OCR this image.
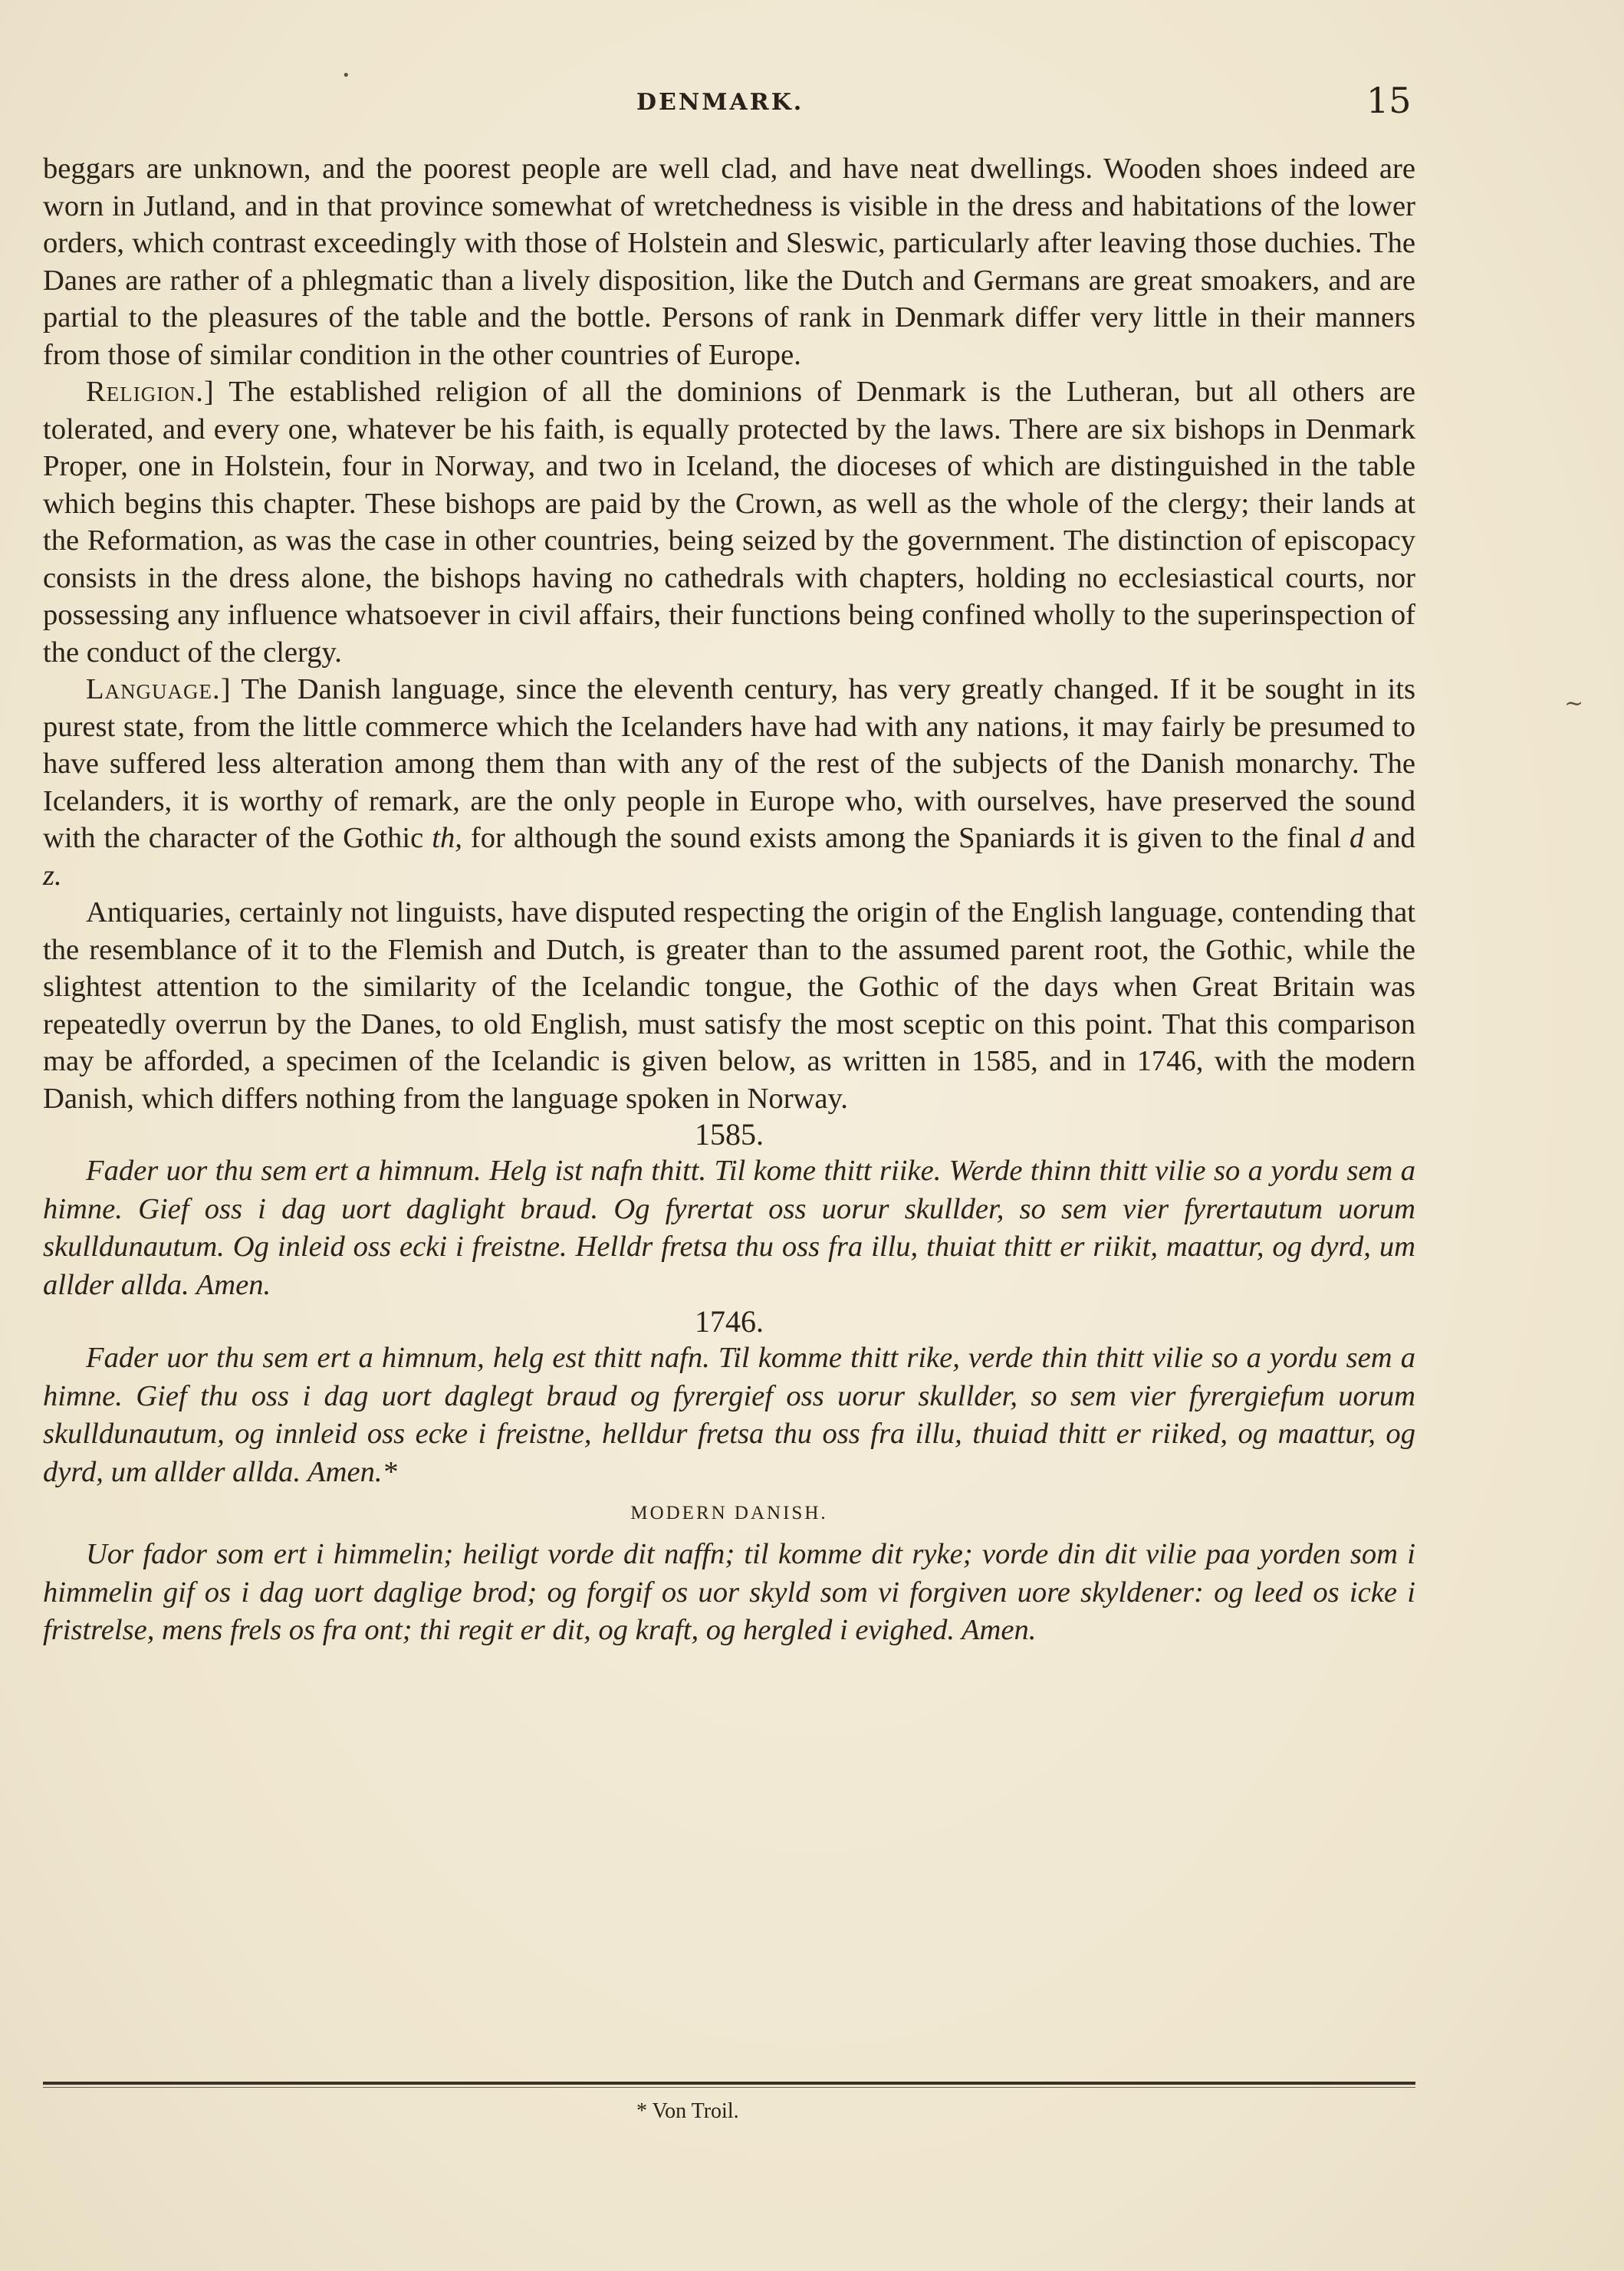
DENMARK.	15

beggars are unknown, and the poorest people are well clad, and have neat dwellings. Wooden shoes indeed are worn in Jutland, and in that province somewhat of wretchedness is visible in the dress and habitations of the lower orders, which contrast exceedingly with those of Holstein and Sleswic, particularly after leaving those duchies. The Danes are rather of a phlegmatic than a lively disposition, like the Dutch and Germans are great smoakers, and are partial to the pleasures of the table and the bottle. Persons of rank in Denmark differ very little in their manners from those of similar condition in the other countries of Europe.

Religion.] The established religion of all the dominions of Denmark is the Lutheran, but all others are tolerated, and every one, whatever be his faith, is equally protected by the laws. There are six bishops in Denmark Proper, one in Holstein, four in Norway, and two in Iceland, the dioceses of which are distinguished in the table which begins this chapter. These bishops are paid by the Crown, as well as the whole of the clergy; their lands at the Reformation, as was the case in other countries, being seized by the government. The distinction of episcopacy consists in the dress alone, the bishops having no cathedrals with chapters, holding no ecclesiastical courts, nor possessing any influence whatsoever in civil affairs, their functions being confined wholly to the superinspection of the conduct of the clergy.

Language.] The Danish language, since the eleventh century, has very greatly changed. If it be sought in its purest state, from the little commerce which the Icelanders have had with any nations, it may fairly be presumed to have suffered less alteration among them than with any of the rest of the subjects of the Danish monarchy. The Icelanders, it is worthy of remark, are the only people in Europe who, with ourselves, have preserved the sound with the character of the Gothic th, for although the sound exists among the Spaniards it is given to the final d and z.

Antiquaries, certainly not linguists, have disputed respecting the origin of the English language, contending that the resemblance of it to the Flemish and Dutch, is greater than to the assumed parent root, the Gothic, while the slightest attention to the similarity of the Icelandic tongue, the Gothic of the days when Great Britain was repeatedly overrun by the Danes, to old English, must satisfy the most sceptic on this point. That this comparison may be afforded, a specimen of the Icelandic is given below, as written in 1585, and in 1746, with the modern Danish, which differs nothing from the language spoken in Norway.

1585.

Fader uor thu sem ert a himnum. Helg ist nafn thitt. Til kome thitt riike. Werde thinn thitt vilie so a yordu sem a himne. Gief oss i dag uort daglight braud. Og fyrertat oss uorur skullder, so sem vier fyrertautum uorum skulldunautum. Og inleid oss ecki i freistne. Helldr fretsa thu oss fra illu, thuiat thitt er riikit, maattur, og dyrd, um allder allda. Amen.

1746.

Fader uor thu sem ert a himnum, helg est thitt nafn. Til komme thitt rike, verde thin thitt vilie so a yordu sem a himne. Gief thu oss i dag uort daglegt braud og fyrergief oss uorur skullder, so sem vier fyrergiefum uorum skulldunautum, og innleid oss ecke i freistne, helldur fretsa thu oss fra illu, thuiad thitt er riiked, og maattur, og dyrd, um allder allda. Amen.*

MODERN DANISH.

Uor fador som ert i himmelin; heiligt vorde dit naffn; til komme dit ryke; vorde din dit vilie paa yorden som i himmelin gif os i dag uort daglige brod; og forgif os uor skyld som vi forgiven uore skyldener: og leed os icke i fristrelse, mens frels os fra ont; thi regit er dit, og kraft, og hergled i evighed. Amen.

* Von Troil.
~
•
